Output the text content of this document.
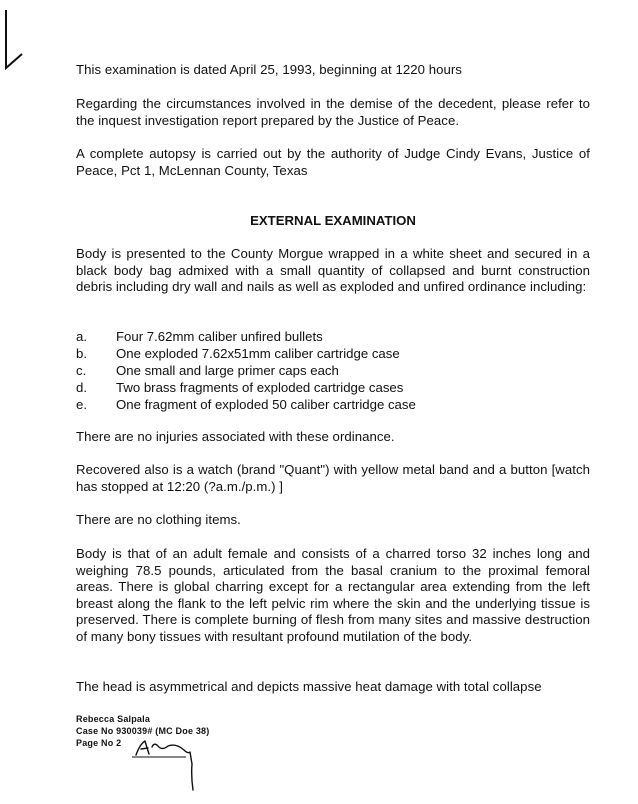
This examination is dated April 25, 1993, beginning at 1220 hours

Regarding the circumstances involved in the demise of the decedent, please refer to the inquest investigation report prepared by the Justice of Peace.

A complete autopsy is carried out by the authority of Judge Cindy Evans, Justice of Peace, Pct 1, McLennan County, Texas

EXTERNAL EXAMINATION

Body is presented to the County Morgue wrapped in a white sheet and secured in a black body bag admixed with a small quantity of collapsed and burnt construction debris including dry wall and nails as well as exploded and unfired ordinance including:

a. Four 7.62mm caliber unfired bullets
b. One exploded 7.62x51mm caliber cartridge case
c. One small and large primer caps each
d. Two brass fragments of exploded cartridge cases
e. One fragment of exploded 50 caliber cartridge case

There are no injuries associated with these ordinance.

Recovered also is a watch (brand "Quant") with yellow metal band and a button [watch has stopped at 12:20 (?a.m./p.m.) ]

There are no clothing items.

Body is that of an adult female and consists of a charred torso 32 inches long and weighing 78.5 pounds, articulated from the basal cranium to the proximal femoral areas. There is global charring except for a rectangular area extending from the left breast along the flank to the left pelvic rim where the skin and the underlying tissue is preserved. There is complete burning of flesh from many sites and massive destruction of many bony tissues with resultant profound mutilation of the body.

The head is asymmetrical and depicts massive heat damage with total collapse

Rebecca Salpala
Case No 930039# (MC Doe 38)
Page No 2
